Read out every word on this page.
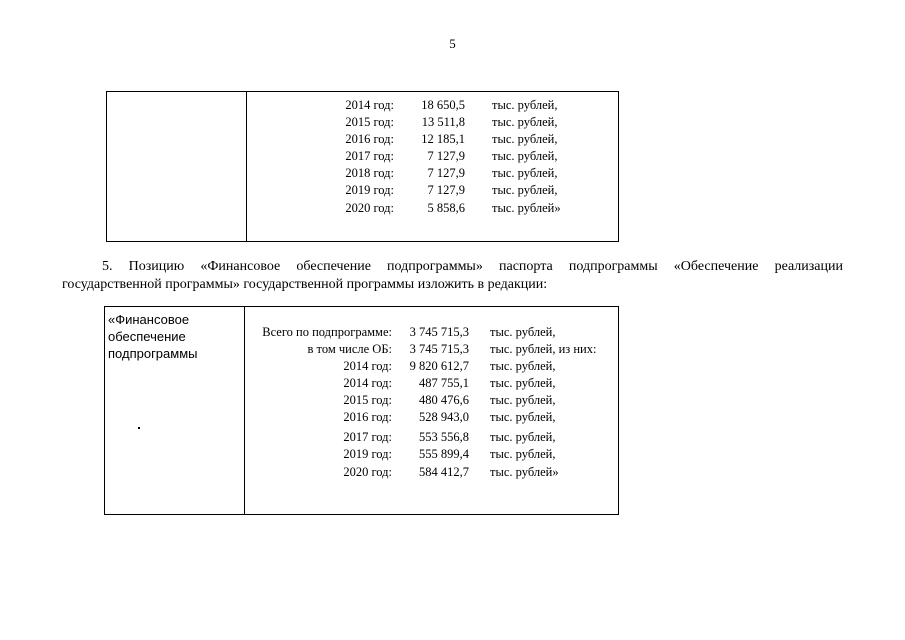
5
2014 год:	18 650,5 тыс. рублей,
2015 год:	13 511,8 тыс. рублей,
2016 год:	12 185,1 тыс. рублей,
2017 год:	7 127,9 тыс. рублей,
2018 год:	7 127,9 тыс. рублей,
2019 год:	7 127,9 тыс. рублей,
2020 год:	5 858,6 тыс. рублей»
5. Позицию «Финансовое обеспечение подпрограммы» паспорта подпрограммы «Обеспечение реализации
государственной программы» государственной программы изложить в редакции:
«Финансовое
обеспечение
подпрограммы
Всего по подпрограмме:	3 745 715,3 тыс. рублей,
в том числе ОБ:	3 745 715,3 тыс. рублей, из них:
2014 год:	9 820 612,7 тыс. рублей,
2014 год:	487 755,1 тыс. рублей,
2015 год:	480 476,6 тыс. рублей,
2016 год:	528 943,0 тыс. рублей,
2017 год:	553 556,8 тыс. рублей,
2019 год:	555 899,4 тыс. рублей,
2020 год:	584 412,7 тыс. рублей»
